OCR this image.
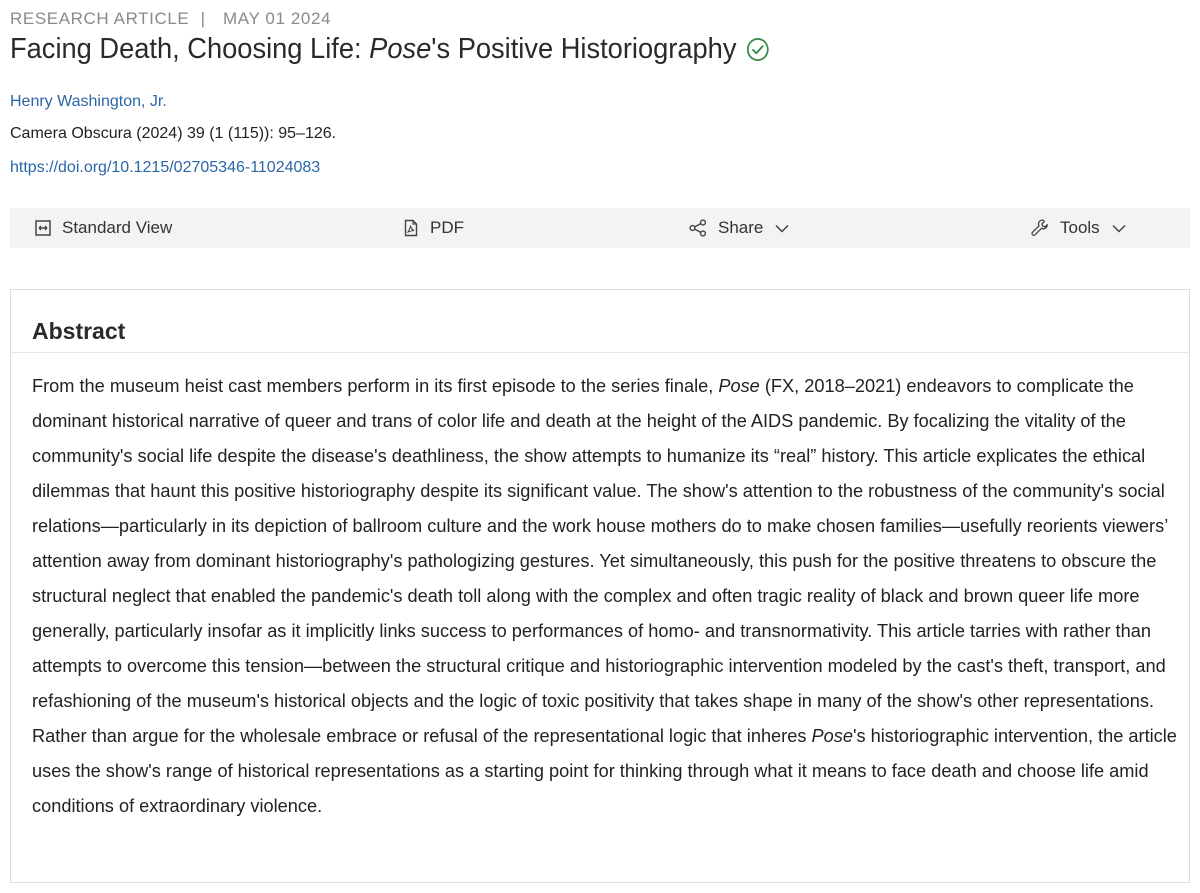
RESEARCH ARTICLE | MAY 01 2024
Facing Death, Choosing Life: Pose 's Positive Historiography
Henry Washington, Jr.
Camera Obscura (2024) 39 (1 (115)): 95–126.
https://doi.org/10.1215/02705346-11024083
Standard View	PDF	Share	Tools
Abstract

From the museum heist cast members perform in its first episode to the series finale, Pose (FX, 2018–2021) endeavors to complicate the dominant historical narrative of queer and trans of color life and death at the height of the AIDS pandemic. By focalizing the vitality of the community's social life despite the disease's deathliness, the show attempts to humanize its “real” history. This article explicates the ethical dilemmas that haunt this positive historiography despite its significant value. The show's attention to the robustness of the community's social relations—particularly in its depiction of ballroom culture and the work house mothers do to make chosen families—usefully reorients viewers’ attention away from dominant historiography's pathologizing gestures. Yet simultaneously, this push for the positive threatens to obscure the structural neglect that enabled the pandemic's death toll along with the complex and often tragic reality of black and brown queer life more generally, particularly insofar as it implicitly links success to performances of homo- and transnormativity. This article tarries with rather than attempts to overcome this tension—between the structural critique and historiographic intervention modeled by the cast's theft, transport, and refashioning of the museum's historical objects and the logic of toxic positivity that takes shape in many of the show's other representations. Rather than argue for the wholesale embrace or refusal of the representational logic that inheres Pose's historiographic intervention, the article uses the show's range of historical representations as a starting point for thinking through what it means to face death and choose life amid conditions of extraordinary violence.
